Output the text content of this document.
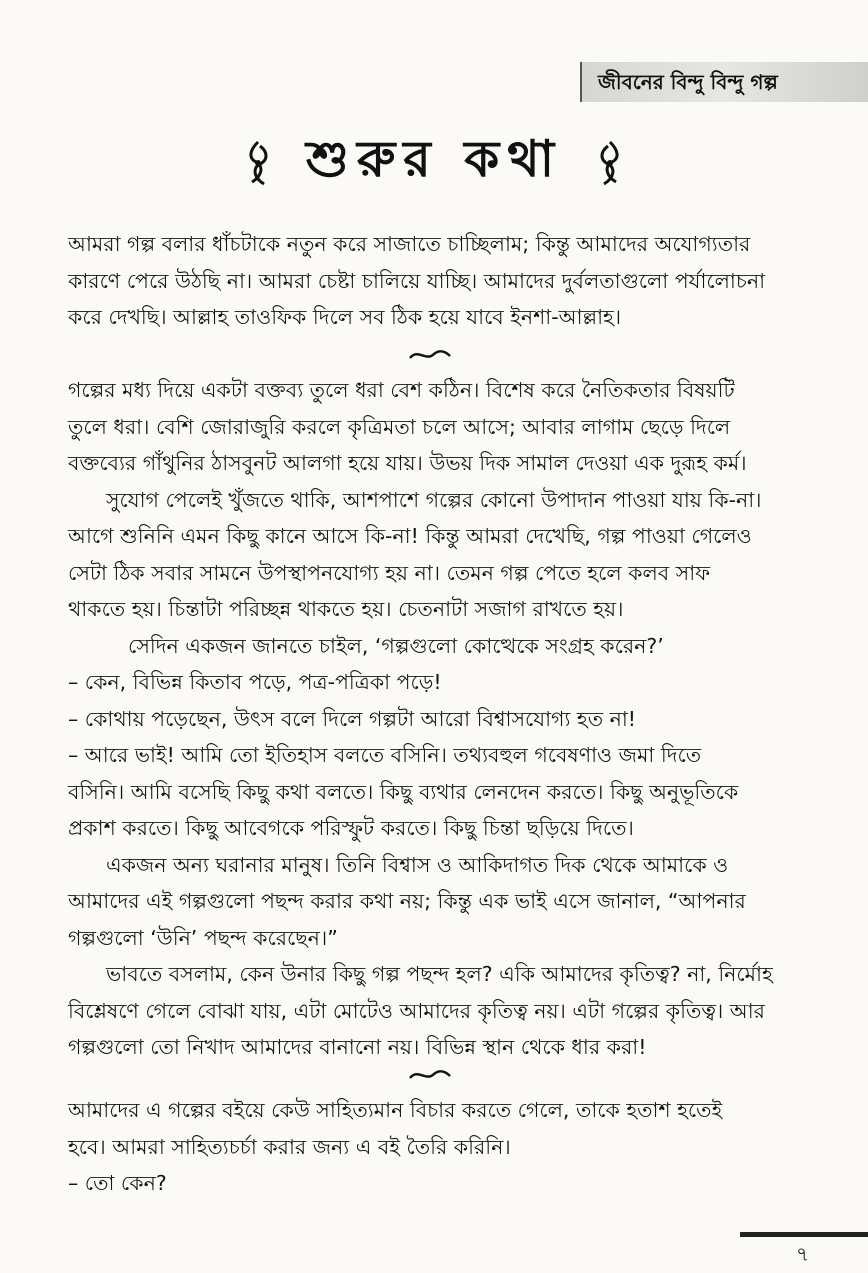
জীবনের বিন্দু বিন্দু গল্প
শুরুর কথা

আমরা গল্প বলার ধাঁচটাকে নতুন করে সাজাতে চাচ্ছিলাম; কিন্তু আমাদের অযোগ্যতার

কারণে পেরে উঠছি না। আমরা চেষ্টা চালিয়ে যাচ্ছি। আমাদের দুর্বলতাগুলো পর্যালোচনা

করে দেখছি। আল্লাহ তাওফিক দিলে সব ঠিক হয়ে যাবে ইনশা-আল্লাহ।

গল্পের মধ্য দিয়ে একটা বক্তব্য তুলে ধরা বেশ কঠিন। বিশেষ করে নৈতিকতার বিষয়টি

তুলে ধরা। বেশি জোরাজুরি করলে কৃত্রিমতা চলে আসে; আবার লাগাম ছেড়ে দিলে

বক্তব্যের গাঁথুনির ঠাসবুনট আলগা হয়ে যায়। উভয় দিক সামাল দেওয়া এক দুরূহ কর্ম।

সুযোগ পেলেই খুঁজতে থাকি, আশপাশে গল্পের কোনো উপাদান পাওয়া যায় কি-না।

আগে শুনিনি এমন কিছু কানে আসে কি-না! কিন্তু আমরা দেখেছি, গল্প পাওয়া গেলেও

সেটা ঠিক সবার সামনে উপস্থাপনযোগ্য হয় না। তেমন গল্প পেতে হলে কলব সাফ

থাকতে হয়। চিন্তাটা পরিচ্ছন্ন থাকতে হয়। চেতনাটা সজাগ রাখতে হয়।

সেদিন একজন জানতে চাইল, ‘গল্পগুলো কোত্থেকে সংগ্রহ করেন?’

– কেন, বিভিন্ন কিতাব পড়ে, পত্র-পত্রিকা পড়ে!

– কোথায় পড়েছেন, উৎস বলে দিলে গল্পটা আরো বিশ্বাসযোগ্য হত না!

– আরে ভাই! আমি তো ইতিহাস বলতে বসিনি। তথ্যবহুল গবেষণাও জমা দিতে

বসিনি। আমি বসেছি কিছু কথা বলতে। কিছু ব্যথার লেনদেন করতে। কিছু অনুভূতিকে

প্রকাশ করতে। কিছু আবেগকে পরিস্ফুট করতে। কিছু চিন্তা ছড়িয়ে দিতে।

একজন অন্য ঘরানার মানুষ। তিনি বিশ্বাস ও আকিদাগত দিক থেকে আমাকে ও

আমাদের এই গল্পগুলো পছন্দ করার কথা নয়; কিন্তু এক ভাই এসে জানাল, “আপনার

গল্পগুলো ‘উনি’ পছন্দ করেছেন।”

ভাবতে বসলাম, কেন উনার কিছু গল্প পছন্দ হল? একি আমাদের কৃতিত্ব? না, নির্মোহ

বিশ্লেষণে গেলে বোঝা যায়, এটা মোটেও আমাদের কৃতিত্ব নয়। এটা গল্পের কৃতিত্ব। আর

গল্পগুলো তো নিখাদ আমাদের বানানো নয়। বিভিন্ন স্থান থেকে ধার করা!

আমাদের এ গল্পের বইয়ে কেউ সাহিত্যমান বিচার করতে গেলে, তাকে হতাশ হতেই

হবে। আমরা সাহিত্যচর্চা করার জন্য এ বই তৈরি করিনি।

– তো কেন?

৭
